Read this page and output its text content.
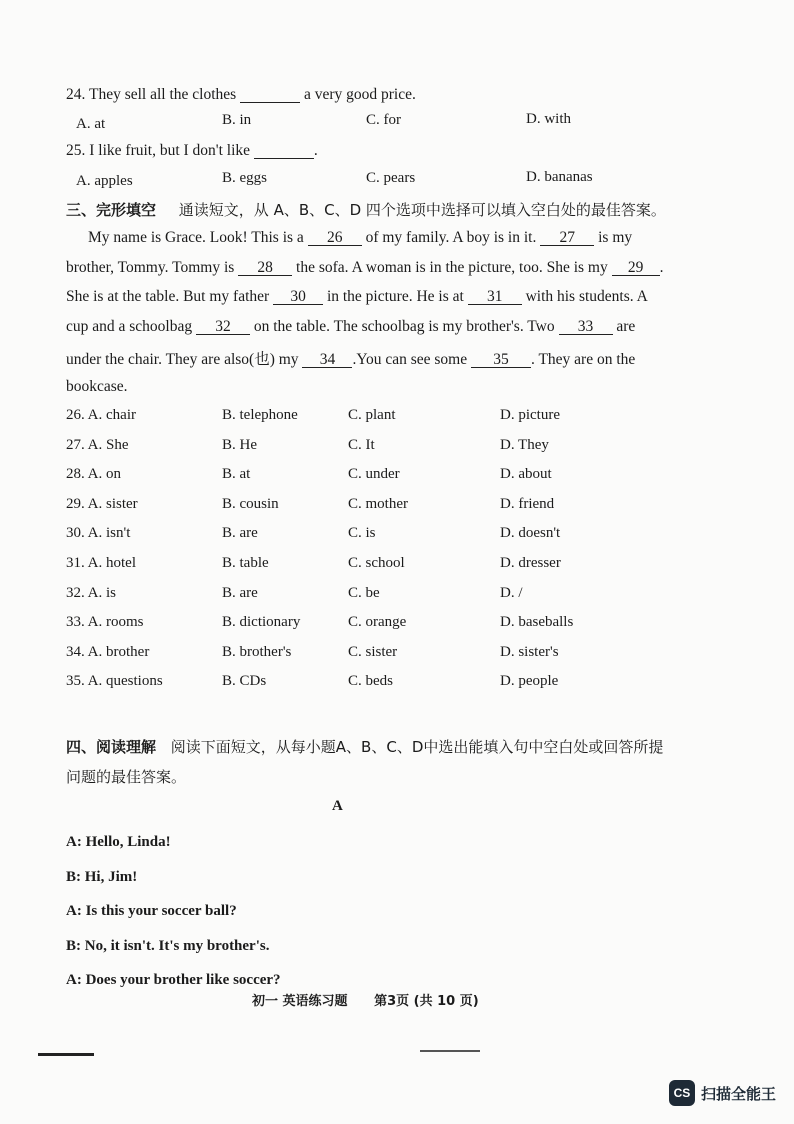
24. They sell all the clothes	a very good price.
A. at	B. in	C. for	D. with
25. I like fruit, but I don't like	.
A. apples	B. eggs	C. pears	D. bananas
三、完形填空 通读短文，从 A、B、C、D 四个选项中选择可以填入空白处的最佳答案。
My name is Grace. Look! This is a 26 of my family. A boy is in it. 27 is my
brother, Tommy. Tommy is 28 the sofa. A woman is in the picture, too. She is my 29 .
She is at the table. But my father 30 in the picture. He is at 31 with his students. A
cup and a schoolbag 32 on the table. The schoolbag is my brother's. Two 33 are
under the chair. They are also(也) my 34 .You can see some 35 . They are on the
bookcase.
26. A. chair	B. telephone	C. plant	D. picture
27. A. She	B. He	C. It	D. They
28. A. on	B. at	C. under	D. about
29. A. sister	B. cousin	C. mother	D. friend
30. A. isn't	B. are	C. is	D. doesn't
31. A. hotel	B. table	C. school	D. dresser
32. A. is	B. are	C. be	D. /
33. A. rooms	B. dictionary	C. orange	D. baseballs
34. A. brother	B. brother's	C. sister	D. sister's
35. A. questions	B. CDs	C. beds	D. people
四、阅读理解 阅读下面短文，从每小题A、B、C、D中选出能填入句中空白处或回答所提
问题的最佳答案。
A
A: Hello, Linda!
B: Hi, Jim!
A: Is this your soccer ball?
B: No, it isn't. It's my brother's.
A: Does your brother like soccer?
初一 英语练习题 第3页 (共 10 页)
CS 扫描全能王
